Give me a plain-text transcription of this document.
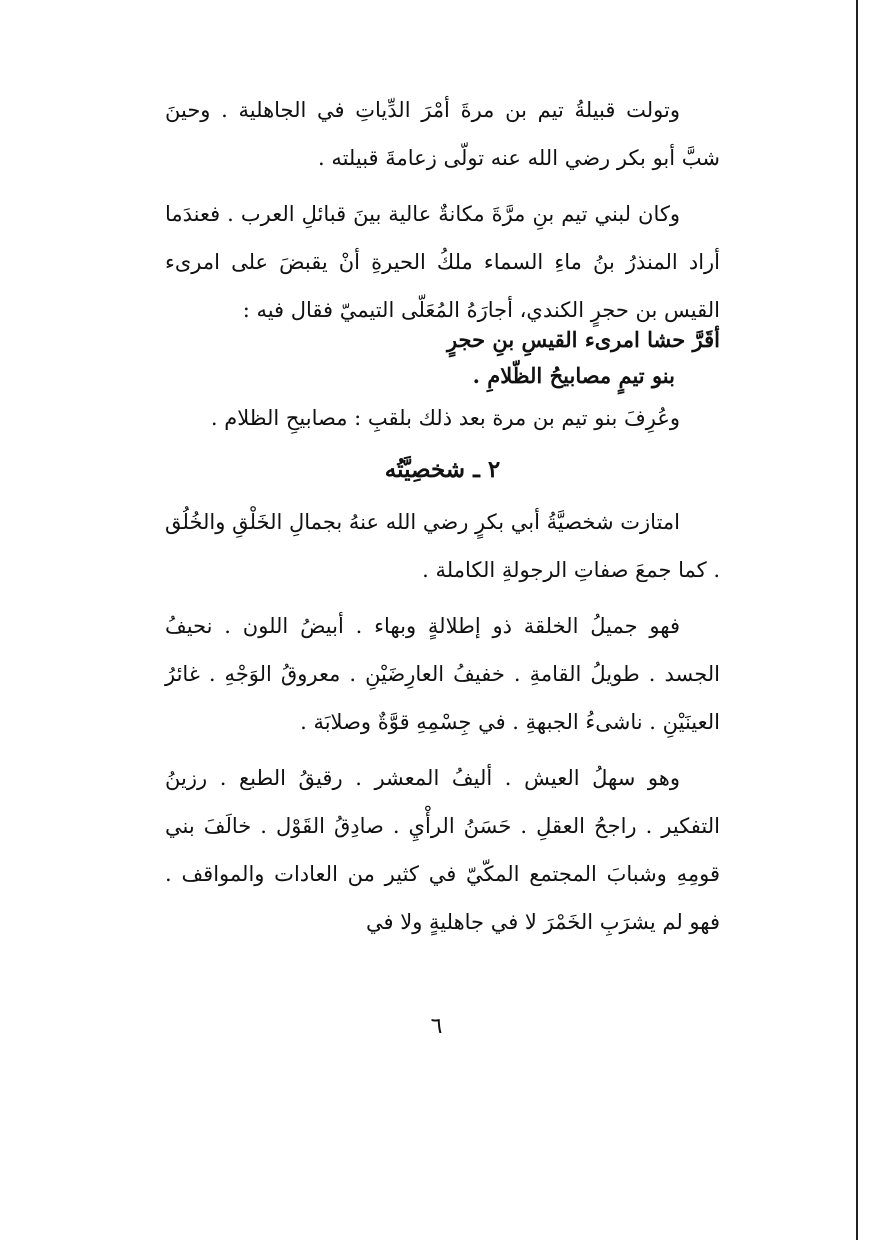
وتولت قبيلةُ تيم بن مرةَ أمْرَ الدِّياتِ في الجاهلية . وحينَ شبَّ أبو بكر رضي الله عنه تولّى زعامةَ قبيلته .

وكان لبني تيم بنِ مرَّةَ مكانةٌ عالية بينَ قبائلِ العرب . فعندَما أراد المنذرُ بنُ ماءِ السماء ملكُ الحيرةِ أنْ يقبضَ على امرىء القيس بن حجرٍ الكندي، أجارَهُ المُعَلّى التيميّ فقال فيه :

أقَرَّ حشا امرىء القيسِ بنِ حجرٍ
بنو تيمٍ مصابيحُ الظّلامِ .

وعُرِفَ بنو تيم بن مرة بعد ذلك بلقبِ : مصابيحِ الظلام .

٢ ـ شخصِيَّتُه

امتازت شخصيَّةُ أبي بكرٍ رضي الله عنهُ بجمالِ الخَلْقِ والخُلُق . كما جمعَ صفاتِ الرجولةِ الكاملة .

فهو جميلُ الخلقة ذو إطلالةٍ وبهاء . أبيضُ اللون . نحيفُ الجسد . طويلُ القامةِ . خفيفُ العارِضَيْنِ . معروقُ الوَجْهِ . غائرُ العينَيْنِ . ناشىءُ الجبهةِ . في جِسْمِهِ قوَّةٌ وصلابَة .

وهو سهلُ العيش . أليفُ المعشر . رقيقُ الطبع . رزينُ التفكير . راجحُ العقلِ . حَسَنُ الرأْيِ . صادِقُ القَوْل . خالَفَ بني قومِهِ وشبابَ المجتمع المكّيّ في كثير من العادات والمواقف . فهو لم يشرَبِ الخَمْرَ لا في جاهليةٍ ولا في

٦
